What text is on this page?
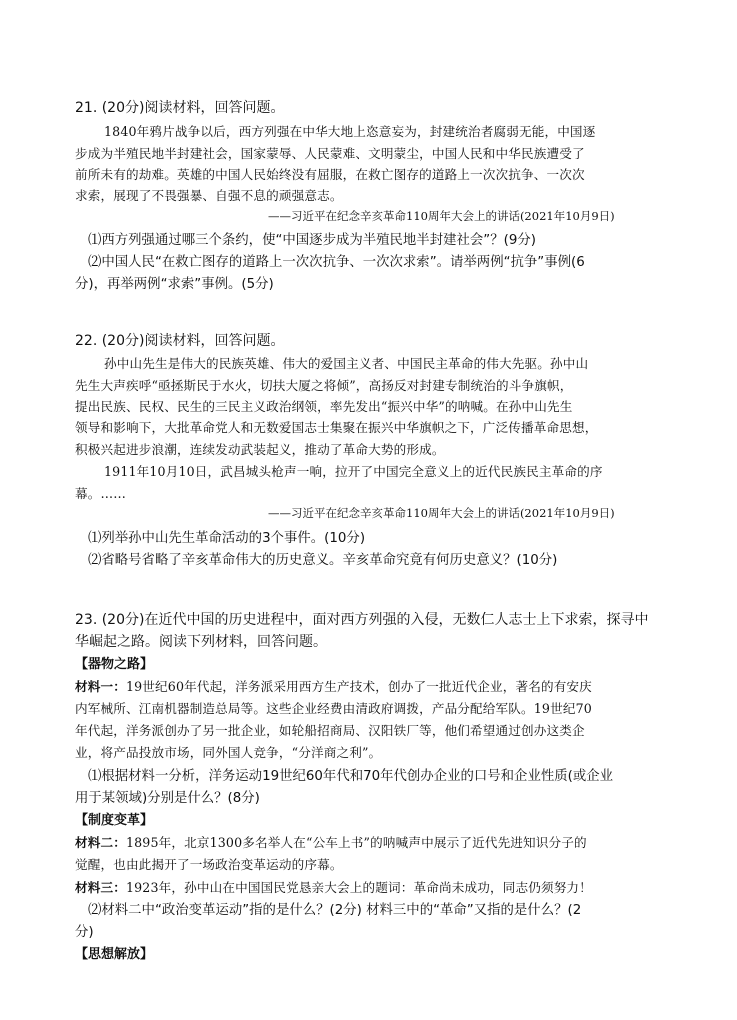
21. (20分)阅读材料，回答问题。
1840年鸦片战争以后，西方列强在中华大地上恣意妄为，封建统治者腐弱无能，中国逐
步成为半殖民地半封建社会，国家蒙辱、人民蒙难、文明蒙尘，中国人民和中华民族遭受了
前所未有的劫难。英雄的中国人民始终没有屈服，在救亡图存的道路上一次次抗争、一次次
求索，展现了不畏强暴、自强不息的顽强意志。
——习近平在纪念辛亥革命110周年大会上的讲话(2021年10月9日)
⑴西方列强通过哪三个条约，使“中国逐步成为半殖民地半封建社会”？(9分)
⑵中国人民“在救亡图存的道路上一次次抗争、一次次求索”。请举两例“抗争”事例(6
分)，再举两例“求索”事例。(5分)
22. (20分)阅读材料，回答问题。
孙中山先生是伟大的民族英雄、伟大的爱国主义者、中国民主革命的伟大先驱。孙中山
先生大声疾呼“亟拯斯民于水火，切扶大厦之将倾”，高扬反对封建专制统治的斗争旗帜，
提出民族、民权、民生的三民主义政治纲领，率先发出“振兴中华”的呐喊。在孙中山先生
领导和影响下，大批革命党人和无数爱国志士集聚在振兴中华旗帜之下，广泛传播革命思想，
积极兴起进步浪潮，连续发动武装起义，推动了革命大势的形成。
1911年10月10日，武昌城头枪声一响，拉开了中国完全意义上的近代民族民主革命的序
幕。……
——习近平在纪念辛亥革命110周年大会上的讲话(2021年10月9日)
⑴列举孙中山先生革命活动的3个事件。(10分)
⑵省略号省略了辛亥革命伟大的历史意义。辛亥革命究竟有何历史意义？(10分)
23. (20分)在近代中国的历史进程中，面对西方列强的入侵，无数仁人志士上下求索，探寻中
华崛起之路。阅读下列材料，回答问题。
【器物之路】
材料一：19世纪60年代起，洋务派采用西方生产技术，创办了一批近代企业，著名的有安庆
内军械所、江南机器制造总局等。这些企业经费由清政府调拨，产品分配给军队。19世纪70
年代起，洋务派创办了另一批企业，如轮船招商局、汉阳铁厂等，他们希望通过创办这类企
业，将产品投放市场，同外国人竞争，“分洋商之利”。
⑴根据材料一分析，洋务运动19世纪60年代和70年代创办企业的口号和企业性质(或企业
用于某领域)分别是什么？(8分)
【制度变革】
材料二：1895年，北京1300多名举人在“公车上书”的呐喊声中展示了近代先进知识分子的
觉醒，也由此揭开了一场政治变革运动的序幕。
材料三：1923年，孙中山在中国国民党恳亲大会上的题词：革命尚未成功，同志仍须努力！
⑵材料二中“政治变革运动”指的是什么？(2分) 材料三中的“革命”又指的是什么？(2
分)
【思想解放】
